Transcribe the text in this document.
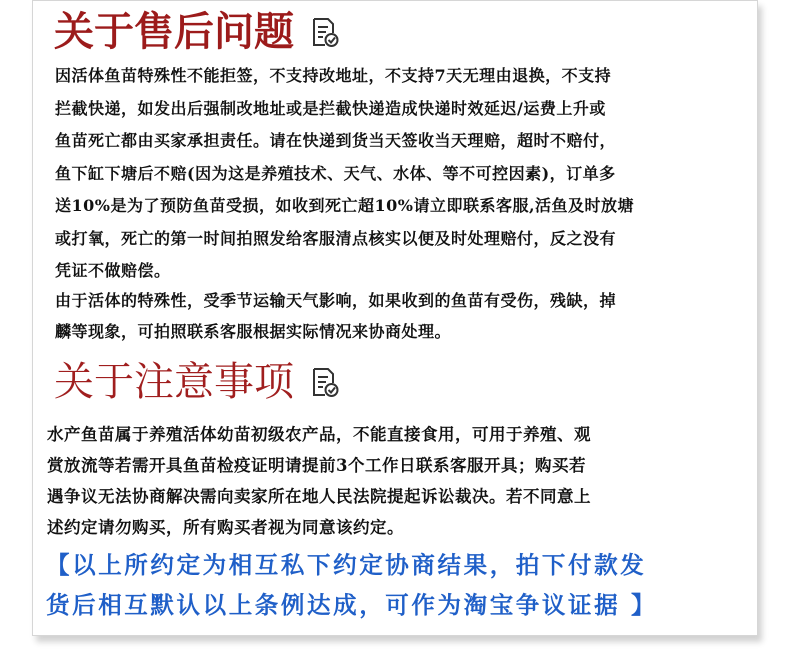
关于售后问题
因活体鱼苗特殊性不能拒签，不支持改地址，不支持7天无理由退换，不支持
拦截快递，如发出后强制改地址或是拦截快递造成快递时效延迟/运费上升或
鱼苗死亡都由买家承担责任。请在快递到货当天签收当天理赔，超时不赔付，
鱼下缸下塘后不赔(因为这是养殖技术、天气、水体、等不可控因素)，订单多
送10%是为了预防鱼苗受损，如收到死亡超10%请立即联系客服,活鱼及时放塘
或打氧，死亡的第一时间拍照发给客服清点核实以便及时处理赔付，反之没有
凭证不做赔偿。
由于活体的特殊性，受季节运输天气影响，如果收到的鱼苗有受伤，残缺，掉
麟等现象，可拍照联系客服根据实际情况来协商处理。
关于注意事项
水产鱼苗属于养殖活体幼苗初级农产品，不能直接食用，可用于养殖、观
赏放流等若需开具鱼苗检疫证明请提前3个工作日联系客服开具；购买若
遇争议无法协商解决需向卖家所在地人民法院提起诉讼裁决。若不同意上
述约定请勿购买，所有购买者视为同意该约定。
【以上所约定为相互私下约定协商结果，拍下付款发
货后相互默认以上条例达成，可作为淘宝争议证据 】
